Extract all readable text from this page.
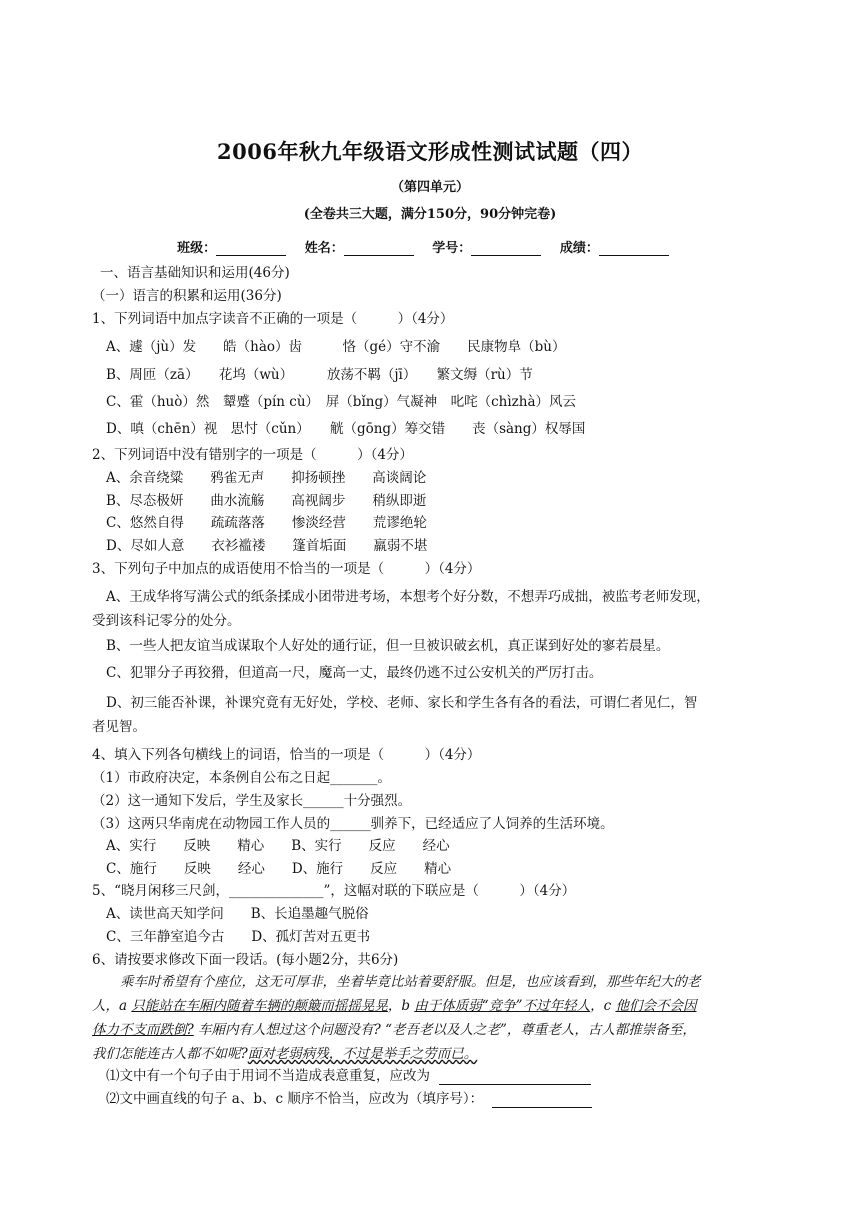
2006年秋九年级语文形成性测试试题（四）
（第四单元）
(全卷共三大题，满分150分，90分钟完卷)
班级：	姓名：	学号：	成绩：
一、语言基础知识和运用(46分)
（一）语言的积累和运用(36分)
1、下列词语中加点字读音不正确的一项是（　　　）（4分）
A、遽（jù）发　　皓（hào）齿　　　恪（gé）守不渝　　民康物阜（bù）
B、周匝（zā）　　花坞（wù）　　　放荡不羁（jī）　　繁文缛（rù）节
C、霍（huò）然　颦蹙（pín cù）　屏（bǐng）气凝神　叱咤（chìzhà）风云
D、嗔（chēn）视　思忖（cǔn）　　觥（gōng）筹交错　　丧（sàng）权辱国
2、下列词语中没有错别字的一项是（　　　）（4分）
A、余音绕粱　　鸦雀无声　　抑扬顿挫　　高谈阔论
B、尽态极妍　　曲水流觞　　高视阔步　　稍纵即逝
C、悠然自得　　疏疏落落　　惨淡经营　　荒谬绝轮
D、尽如人意　　衣衫褴褛　　篷首垢面　　羸弱不堪
3、下列句子中加点的成语使用不恰当的一项是（　　　）（4分）
A、王成华将写满公式的纸条揉成小团带进考场，本想考个好分数，不想弄巧成拙，被监考老师发现，
受到该科记零分的处分。
B、一些人把友谊当成谋取个人好处的通行证，但一旦被识破玄机，真正谋到好处的寥若晨星。
C、犯罪分子再狡猾，但道高一尺，魔高一丈，最终仍逃不过公安机关的严厉打击。
D、初三能否补课，补课究竟有无好处，学校、老师、家长和学生各有各的看法，可谓仁者见仁，智
者见智。
4、填入下列各句横线上的词语，恰当的一项是（　　　）（4分）
（1）市政府决定，本条例自公布之日起_______。
（2）这一通知下发后，学生及家长______十分强烈。
（3）这两只华南虎在动物园工作人员的______驯养下，已经适应了人饲养的生活环境。
A、实行　　反映　　精心　　B、实行　　反应　　经心
C、施行　　反映　　经心　　D、施行　　反应　　精心
5、“晓月闲移三尺剑，______________”，这幅对联的下联应是（　　　）（4分）
A、读世高天知学问　　B、长追墨趣气脱俗
C、三年静室追今古　　D、孤灯苦对五更书
6、请按要求修改下面一段话。(每小题2分，共6分)
乘车时希望有个座位，这无可厚非，坐着毕竟比站着要舒服。但是，也应该看到，那些年纪大的老
人，a 只能站在车厢内随着车辆的颠簸而摇摇晃晃，b 由于体质弱“竞争”不过年轻人，c 他们会不会因
体力不支而跌倒? 车厢内有人想过这个问题没有? “老吾老以及人之老”，尊重老人，古人都推崇备至，
我们怎能连古人都不如呢?面对老弱病残，不过是举手之劳而已。
⑴文中有一个句子由于用词不当造成表意重复，应改为
⑵文中画直线的句子 a、b、c 顺序不恰当，应改为（填序号）：
